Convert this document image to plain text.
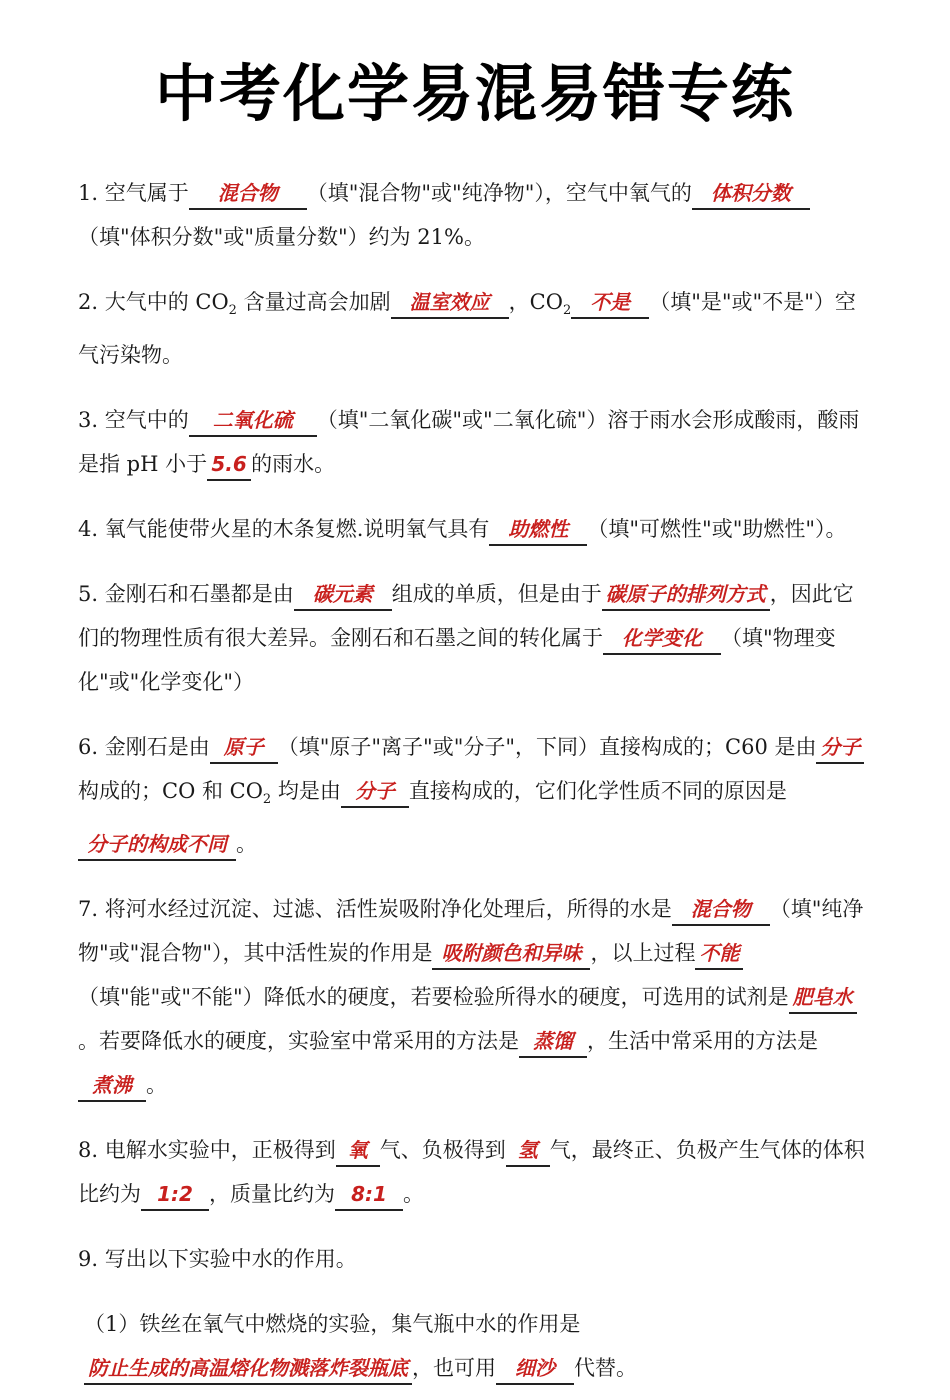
中考化学易混易错专练

1. 空气属于 混合物 （填"混合物"或"纯净物"），空气中氧气的 体积分数（填"体积分数"或"质量分数"）约为 21%。

2. 大气中的 $CO_2$ 含量过高会加剧 温室效应 ，$CO_2$ 不是 （填"是"或"不是"）空气污染物。

3. 空气中的 二氧化硫 （填"二氧化碳"或"二氧化硫"）溶于雨水会形成酸雨，酸雨是指 pH 小于 5.6 的雨水。

4. 氧气能使带火星的木条复燃.说明氧气具有 助燃性 （填"可燃性"或"助燃性"）。

5. 金刚石和石墨都是由 碳元素 组成的单质，但是由于 碳原子的排列方式 ，因此它们的物理性质有很大差异。金刚石和石墨之间的转化属于 化学变化 （填"物理变化"或"化学变化"）

6. 金刚石是由 原子 （填"原子"离子"或"分子"，下同）直接构成的；C60 是由 分子构成的；CO 和 $CO_2$ 均是由 分子 直接构成的，它们化学性质不同的原因是分子的构成不同 。

7. 将河水经过沉淀、过滤、活性炭吸附净化处理后，所得的水是 混合物 （填"纯净物"或"混合物"），其中活性炭的作用是 吸附颜色和异味 ，以上过程 不能（填"能"或"不能"）降低水的硬度，若要检验所得水的硬度，可选用的试剂是 肥皂水。若要降低水的硬度，实验室中常采用的方法是 蒸馏 ，生活中常采用的方法是煮沸 。

8. 电解水实验中，正极得到 氧 气、负极得到 氢 气，最终正、负极产生气体的体积比约为 1:2 ，质量比约为 8:1 。

9. 写出以下实验中水的作用。

（1）铁丝在氧气中燃烧的实验，集气瓶中水的作用是防止生成的高温熔化物溅落炸裂瓶底 ，也可用 细沙 代替。
